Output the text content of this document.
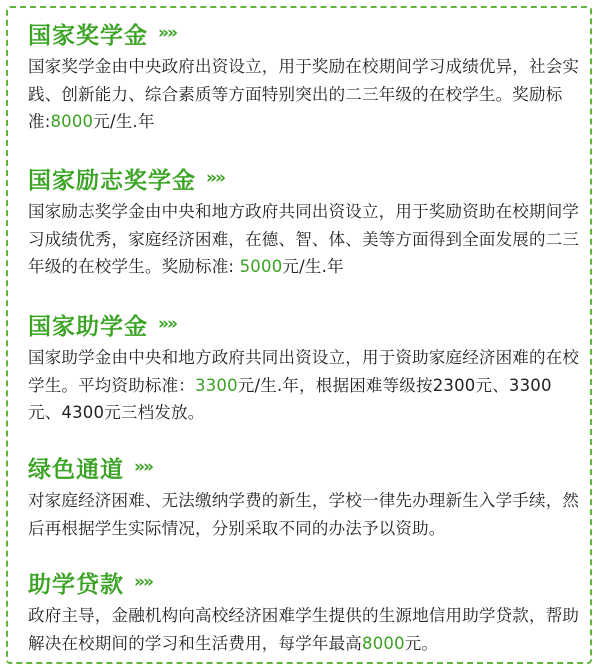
国家奖学金 »»
国家奖学金由中央政府出资设立，用于奖励在校期间学习成绩优异，社会实践、创新能力、综合素质等方面特别突出的二三年级的在校学生。奖励标准:8000元/生.年
国家励志奖学金 »»
国家励志奖学金由中央和地方政府共同出资设立，用于奖励资助在校期间学习成绩优秀，家庭经济困难，在德、智、体、美等方面得到全面发展的二三年级的在校学生。奖励标准: 5000元/生.年
国家助学金 »»
国家助学金由中央和地方政府共同出资设立，用于资助家庭经济困难的在校学生。平均资助标准：3300元/生.年，根据困难等级按2300元、3300元、4300元三档发放。
绿色通道 »»
对家庭经济困难、无法缴纳学费的新生，学校一律先办理新生入学手续，然后再根据学生实际情况，分别采取不同的办法予以资助。
助学贷款 »»
政府主导，金融机构向高校经济困难学生提供的生源地信用助学贷款，帮助解决在校期间的学习和生活费用，每学年最高8000元。
